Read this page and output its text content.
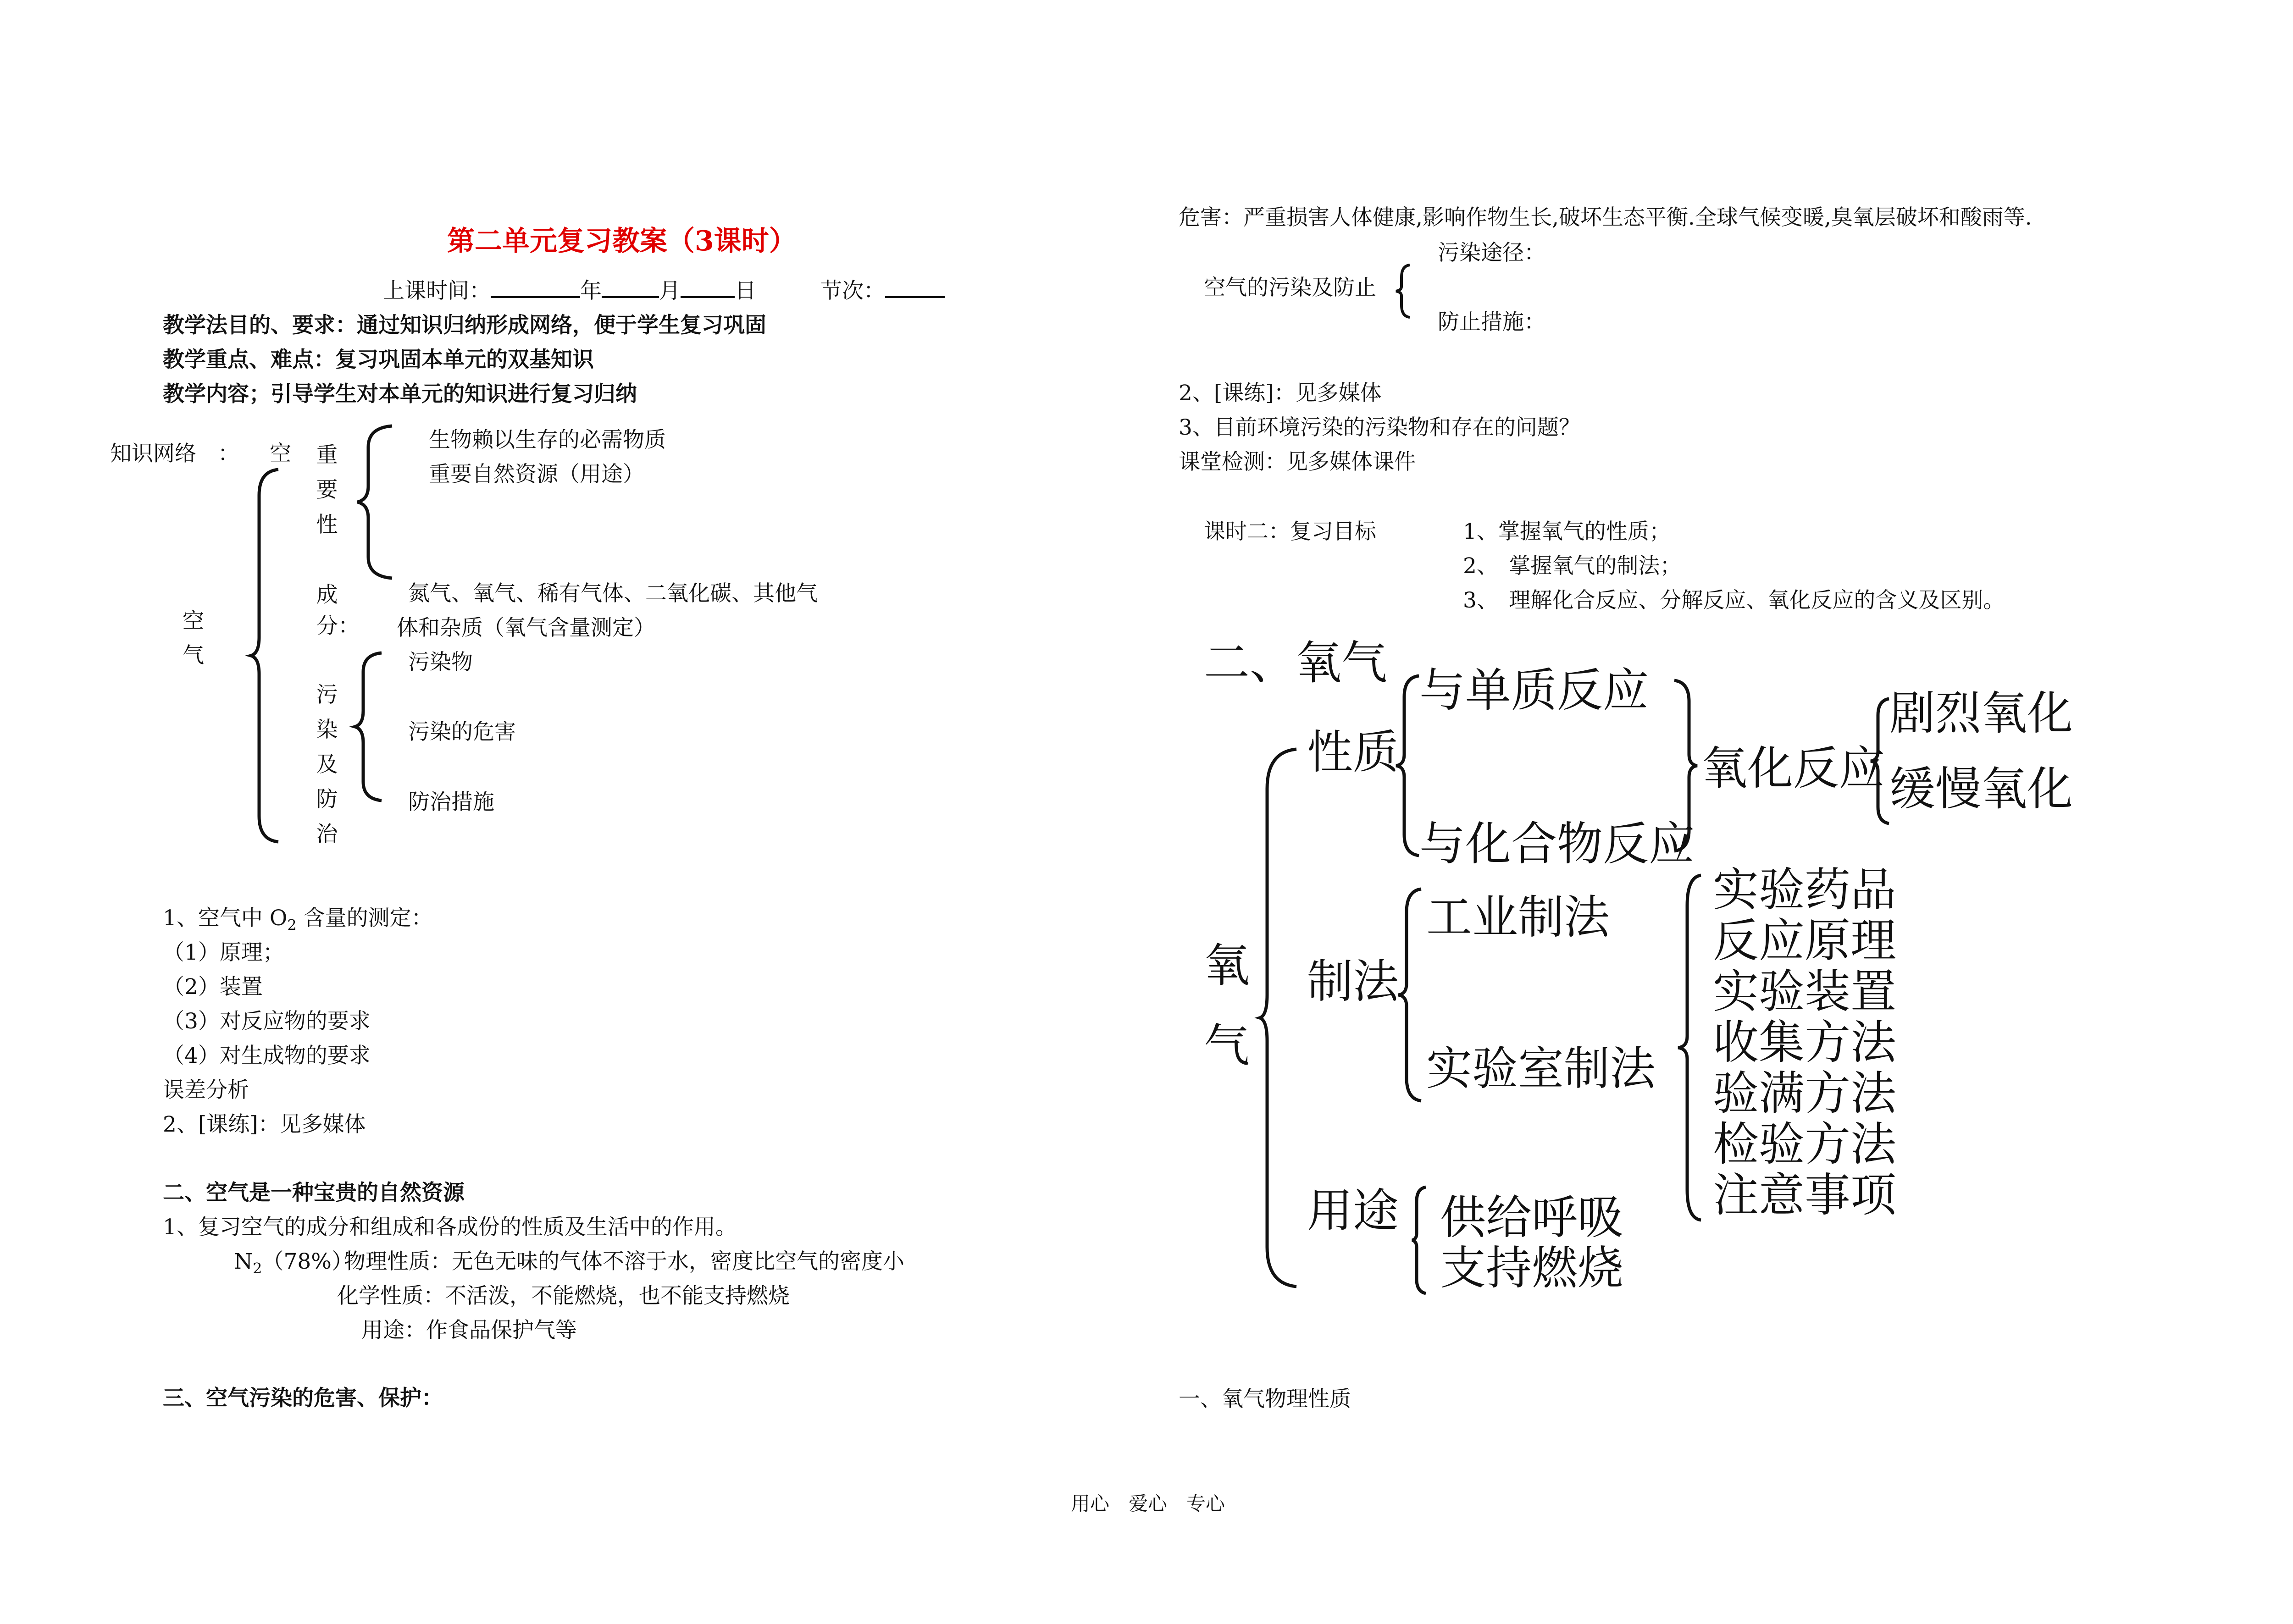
第二单元复习教案（3课时）
上课时间：	年	月	日	节次：
教学法目的、要求：通过知识归纳形成网络，便于学生复习巩固
教学重点、难点：复习巩固本单元的双基知识
教学内容；引导学生对本单元的知识进行复习归纳
知识网络　： 空
空
气
重
要
性
生物赖以生存的必需物质
重要自然资源（用途）
成
分：
氮气、氧气、稀有气体、二氧化碳、其他气
体和杂质（氧气含量测定）
污
染
及
防
治
污染物
污染的危害
防治措施
1、空气中 $O_2$ 含量的测定：
（1）原理；
（2）装置
（3）对反应物的要求
（4）对生成物的要求
误差分析
2、[课练]：见多媒体
二、空气是一种宝贵的自然资源
1、复习空气的成分和组成和各成份的性质及生活中的作用。
$N_2(78\%)$
物理性质：无色无味的气体不溶于水，密度比空气的密度小
化学性质：不活泼，不能燃烧，也不能支持燃烧
用途：作食品保护气等
三、空气污染的危害、保护：
危害：严重损害人体健康,影响作物生长,破坏生态平衡.全球气候变暖,臭氧层破坏和酸雨等.
空气的污染及防止
污染途径：
防止措施：
2、[课练]：见多媒体
3、目前环境污染的污染物和存在的问题？
课堂检测：见多媒体课件
课时二：复习目标	1、掌握氧气的性质；
2、　掌握氧气的制法；
3、　理解化合反应、分解反应、氧化反应的含义及区别。
二、氧气
氧
气
性质
与单质反应
与化合物反应
氧化反应
剧烈氧化
缓慢氧化
制法
工业制法
实验室制法
实验药品
反应原理
实验装置
收集方法
验满方法
检验方法
注意事项
用途 供给呼吸
支持燃烧
一、氧气物理性质
用心　爱心　专心
